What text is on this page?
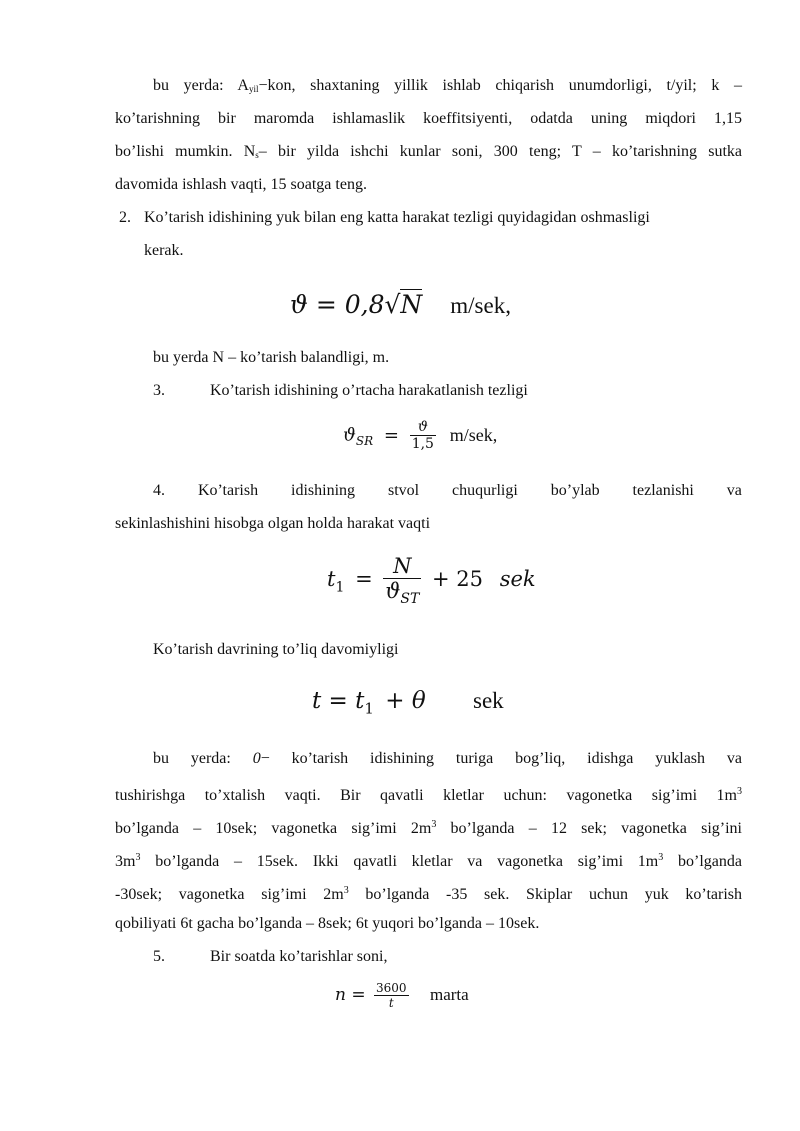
bu yerda: $A_{yil}-kon$, shaxtaning yillik ishlab chiqarish unumdorligi, t/yil; k –
ko’tarishning bir maromda ishlamaslik koeffitsiyenti, odatda uning miqdori 1,15
bo’lishi mumkin. $N_s-$ bir yilda ishchi kunlar soni, 300 teng; T – ko’tarishning sutka
davomida ishlash vaqti, 15 soatga teng.
2. Ko’tarish idishining yuk bilan eng katta harakat tezligi quyidagidan oshmasligi
kerak.
ϑ = 0,8√N m/sek,
bu yerda N – ko’tarish balandligi, m.
3.	Ko’tarish idishining o’rtacha harakatlanish tezligi
$ϑ_{SR} = \frac{ϑ}{1,5} m/sek$,
4. Ko’tarish idishining stvol chuqurligi bo’ylab tezlanishi va
sekinlashishini hisobga olgan holda harakat vaqti
$t_1 = \frac{N}{ϑ_{ST}} + 25$ sek
Ko’tarish davrining to’liq davomiyligi
$t = t_1 + \theta$ sek
bu yerda: 0− ko’tarish idishining turiga bog’liq, idishga yuklash va
tushirishga to’xtalish vaqti. Bir qavatli kletlar uchun: vagonetka sig’imi $1m^3$
bo’lganda – 10sek; vagonetka sig’imi $2m^3$ bo’lganda – 12 sek; vagonetka sig’ini
$3m^3$ bo’lganda – 15sek. Ikki qavatli kletlar va vagonetka sig’imi $1m^3$ bo’lganda
-30sek; vagonetka sig’imi $2m^3$ bo’lganda -35 sek. Skiplar uchun yuk ko’tarish
qobiliyati 6t gacha bo’lganda – 8sek; 6t yuqori bo’lganda – 10sek.
5.	Bir soatda ko’tarishlar soni,
$n = \frac{3600}{t}$ marta
